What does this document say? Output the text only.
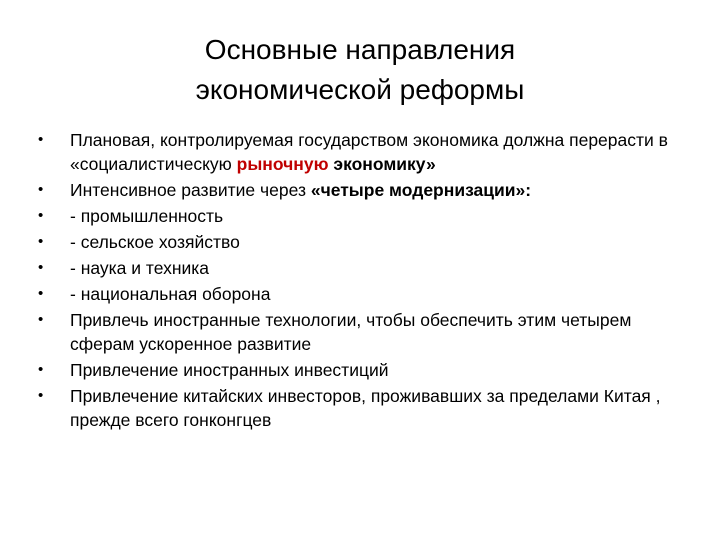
Основные направления
экономической реформы
•	Плановая, контролируемая государством экономика должна перерасти в «социалистическую рыночную экономику»
•	Интенсивное развитие через «четыре модернизации»:
•	- промышленность
•	- сельское хозяйство
•	- наука и техника
•	- национальная оборона
•	Привлечь иностранные технологии, чтобы обеспечить этим четырем сферам ускоренное развитие
•	Привлечение иностранных инвестиций
•	Привлечение китайских инвесторов, проживавших за пределами Китая , прежде всего гонконгцев
